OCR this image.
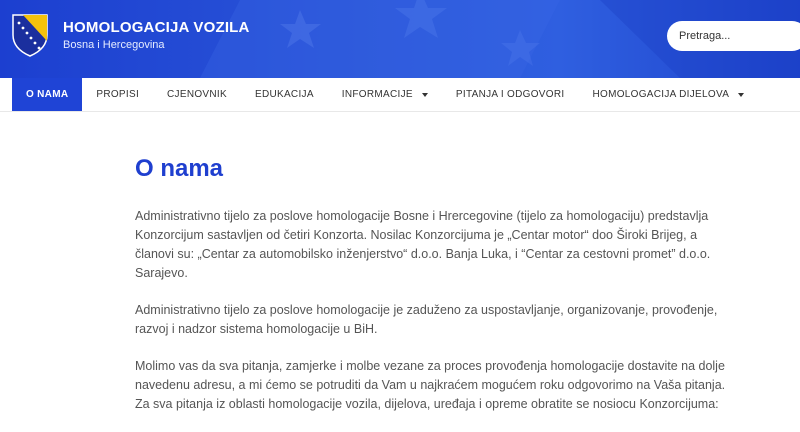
HOMOLOGACIJA VOZILA
Bosna i Hercegovina
Pretraga...
O NAMA	PROPISI	CJENOVNIK	EDUKACIJA	INFORMACIJE	PITANJA I ODGOVORI	HOMOLOGACIJA DIJELOVA
O nama

Administrativno tijelo za poslove homologacije Bosne i Hrercegovine (tijelo za homologaciju) predstavlja Konzorcijum sastavljen od četiri Konzorta. Nosilac Konzorcijuma je „Centar motor“ doo Široki Brijeg, a članovi su: „Centar za automobilsko inženjerstvo“ d.o.o. Banja Luka, i “Centar za cestovni promet” d.o.o. Sarajevo.

Administrativno tijelo za poslove homologacije je zaduženo za uspostavljanje, organizovanje, provođenje, razvoj i nadzor sistema homologacije u BiH.

Molimo vas da sva pitanja, zamjerke i molbe vezane za proces provođenja homologacije dostavite na dolje navedenu adresu, a mi ćemo se potruditi da Vam u najkraćem mogućem roku odgovorimo na Vaša pitanja. Za sva pitanja iz oblasti homologacije vozila, dijelova, uređaja i opreme obratite se nosiocu Konzorcijuma:
